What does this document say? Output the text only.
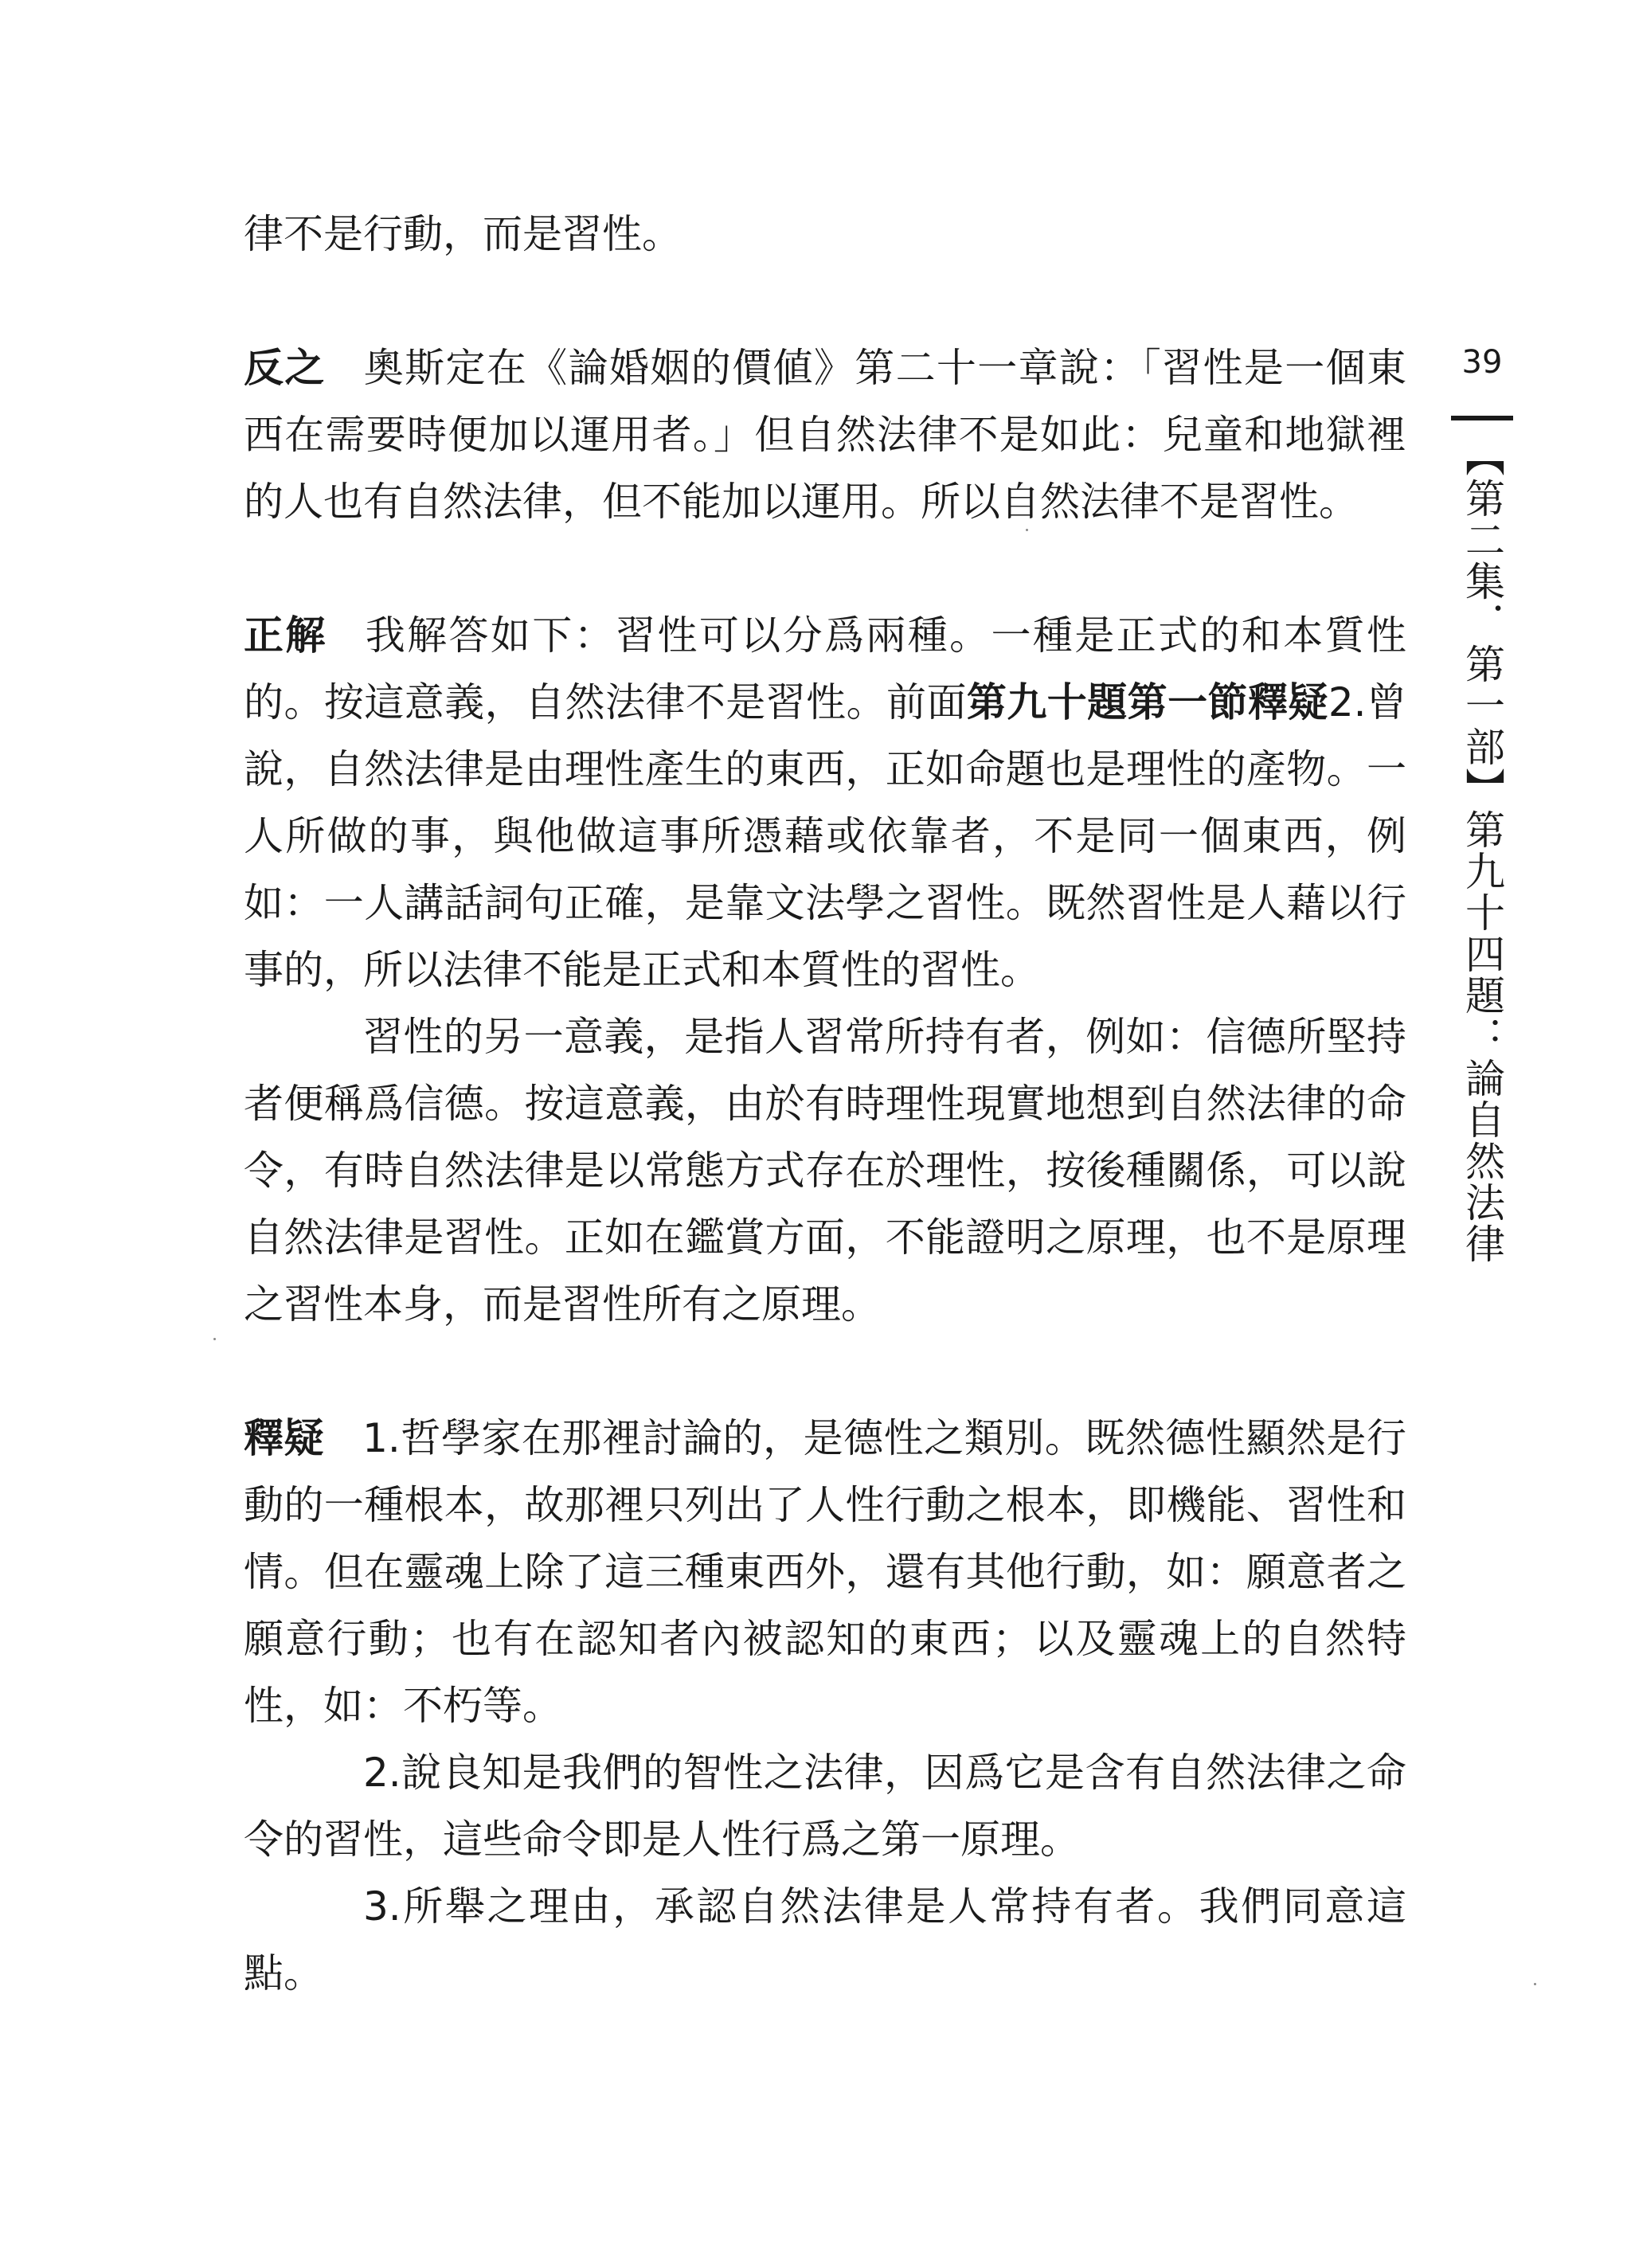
律不是行動，而是習性。

反之 奧斯定在《論婚姻的價値》第二十一章說：「習性是一個東西在需要時便加以運用者。」但自然法律不是如此：兒童和地獄裡的人也有自然法律，但不能加以運用。所以自然法律不是習性。

正解 我解答如下：習性可以分爲兩種。一種是正式的和本質性的。按這意義，自然法律不是習性。前面第九十題第一節釋疑2.曾說，自然法律是由理性產生的東西，正如命題也是理性的產物。一人所做的事，與他做這事所憑藉或依靠者，不是同一個東西，例如：一人講話詞句正確，是靠文法學之習性。既然習性是人藉以行事的，所以法律不能是正式和本質性的習性。

習性的另一意義，是指人習常所持有者，例如：信德所堅持者便稱爲信德。按這意義，由於有時理性現實地想到自然法律的命令，有時自然法律是以常態方式存在於理性，按後種關係，可以說自然法律是習性。正如在鑑賞方面，不能證明之原理，也不是原理之習性本身，而是習性所有之原理。

釋疑 1.哲學家在那裡討論的，是德性之類別。既然德性顯然是行動的一種根本，故那裡只列出了人性行動之根本，即機能、習性和情。但在靈魂上除了這三種東西外，還有其他行動，如：願意者之願意行動；也有在認知者內被認知的東西；以及靈魂上的自然特性，如：不朽等。

2.說良知是我們的智性之法律，因爲它是含有自然法律之命令的習性，這些命令即是人性行爲之第一原理。

3.所舉之理由，承認自然法律是人常持有者。我們同意這點。

39
【第二集．第一部】第九十四題：論自然法律
